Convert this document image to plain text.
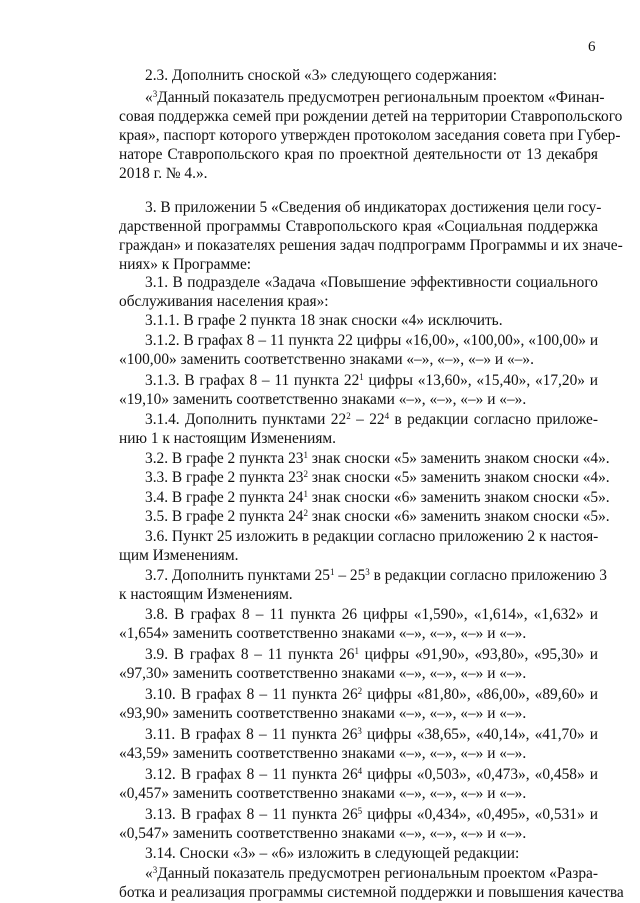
6
2.3. Дополнить сноской «3» следующего содержания:
«$^3$Данный показатель предусмотрен региональным проектом «Финан-
совая поддержка семей при рождении детей на территории Ставропольского
края», паспорт которого утвержден протоколом заседания совета при Губер-
наторе Ставропольского края по проектной деятельности от 13 декабря
2018 г. № 4.».
3. В приложении 5 «Сведения об индикаторах достижения цели госу-
дарственной программы Ставропольского края «Социальная поддержка
граждан» и показателях решения задач подпрограмм Программы и их значе-
ниях» к Программе:
3.1. В подразделе «Задача «Повышение эффективности социального
обслуживания населения края»:
3.1.1. В графе 2 пункта 18 знак сноски «4» исключить.
3.1.2. В графах 8 – 11 пункта 22 цифры «16,00», «100,00», «100,00» и
«100,00» заменить соответственно знаками «–», «–», «–» и «–».
3.1.3. В графах 8 – 11 пункта $22^1$ цифры «13,60», «15,40», «17,20» и
«19,10» заменить соответственно знаками «–», «–», «–» и «–».
3.1.4. Дополнить пунктами $22^2 - 22^4$ в редакции согласно приложе-
нию 1 к настоящим Изменениям.
3.2. В графе 2 пункта $23^1$ знак сноски «5» заменить знаком сноски «4».
3.3. В графе 2 пункта $23^2$ знак сноски «5» заменить знаком сноски «4».
3.4. В графе 2 пункта $24^1$ знак сноски «6» заменить знаком сноски «5».
3.5. В графе 2 пункта $24^2$ знак сноски «6» заменить знаком сноски «5».
3.6. Пункт 25 изложить в редакции согласно приложению 2 к настоя-
щим Изменениям.
3.7. Дополнить пунктами $25^1 - 25^3$ в редакции согласно приложению 3
к настоящим Изменениям.
3.8. В графах 8 – 11 пункта 26 цифры «1,590», «1,614», «1,632» и
«1,654» заменить соответственно знаками «–», «–», «–» и «–».
3.9. В графах 8 – 11 пункта $26^1$ цифры «91,90», «93,80», «95,30» и
«97,30» заменить соответственно знаками «–», «–», «–» и «–».
3.10. В графах 8 – 11 пункта $26^2$ цифры «81,80», «86,00», «89,60» и
«93,90» заменить соответственно знаками «–», «–», «–» и «–».
3.11. В графах 8 – 11 пункта $26^3$ цифры «38,65», «40,14», «41,70» и
«43,59» заменить соответственно знаками «–», «–», «–» и «–».
3.12. В графах 8 – 11 пункта $26^4$ цифры «0,503», «0,473», «0,458» и
«0,457» заменить соответственно знаками «–», «–», «–» и «–».
3.13. В графах 8 – 11 пункта $26^5$ цифры «0,434», «0,495», «0,531» и
«0,547» заменить соответственно знаками «–», «–», «–» и «–».
3.14. Сноски «3» – «6» изложить в следующей редакции:
«$^3$Данный показатель предусмотрен региональным проектом «Разра-
ботка и реализация программы системной поддержки и повышения качества
